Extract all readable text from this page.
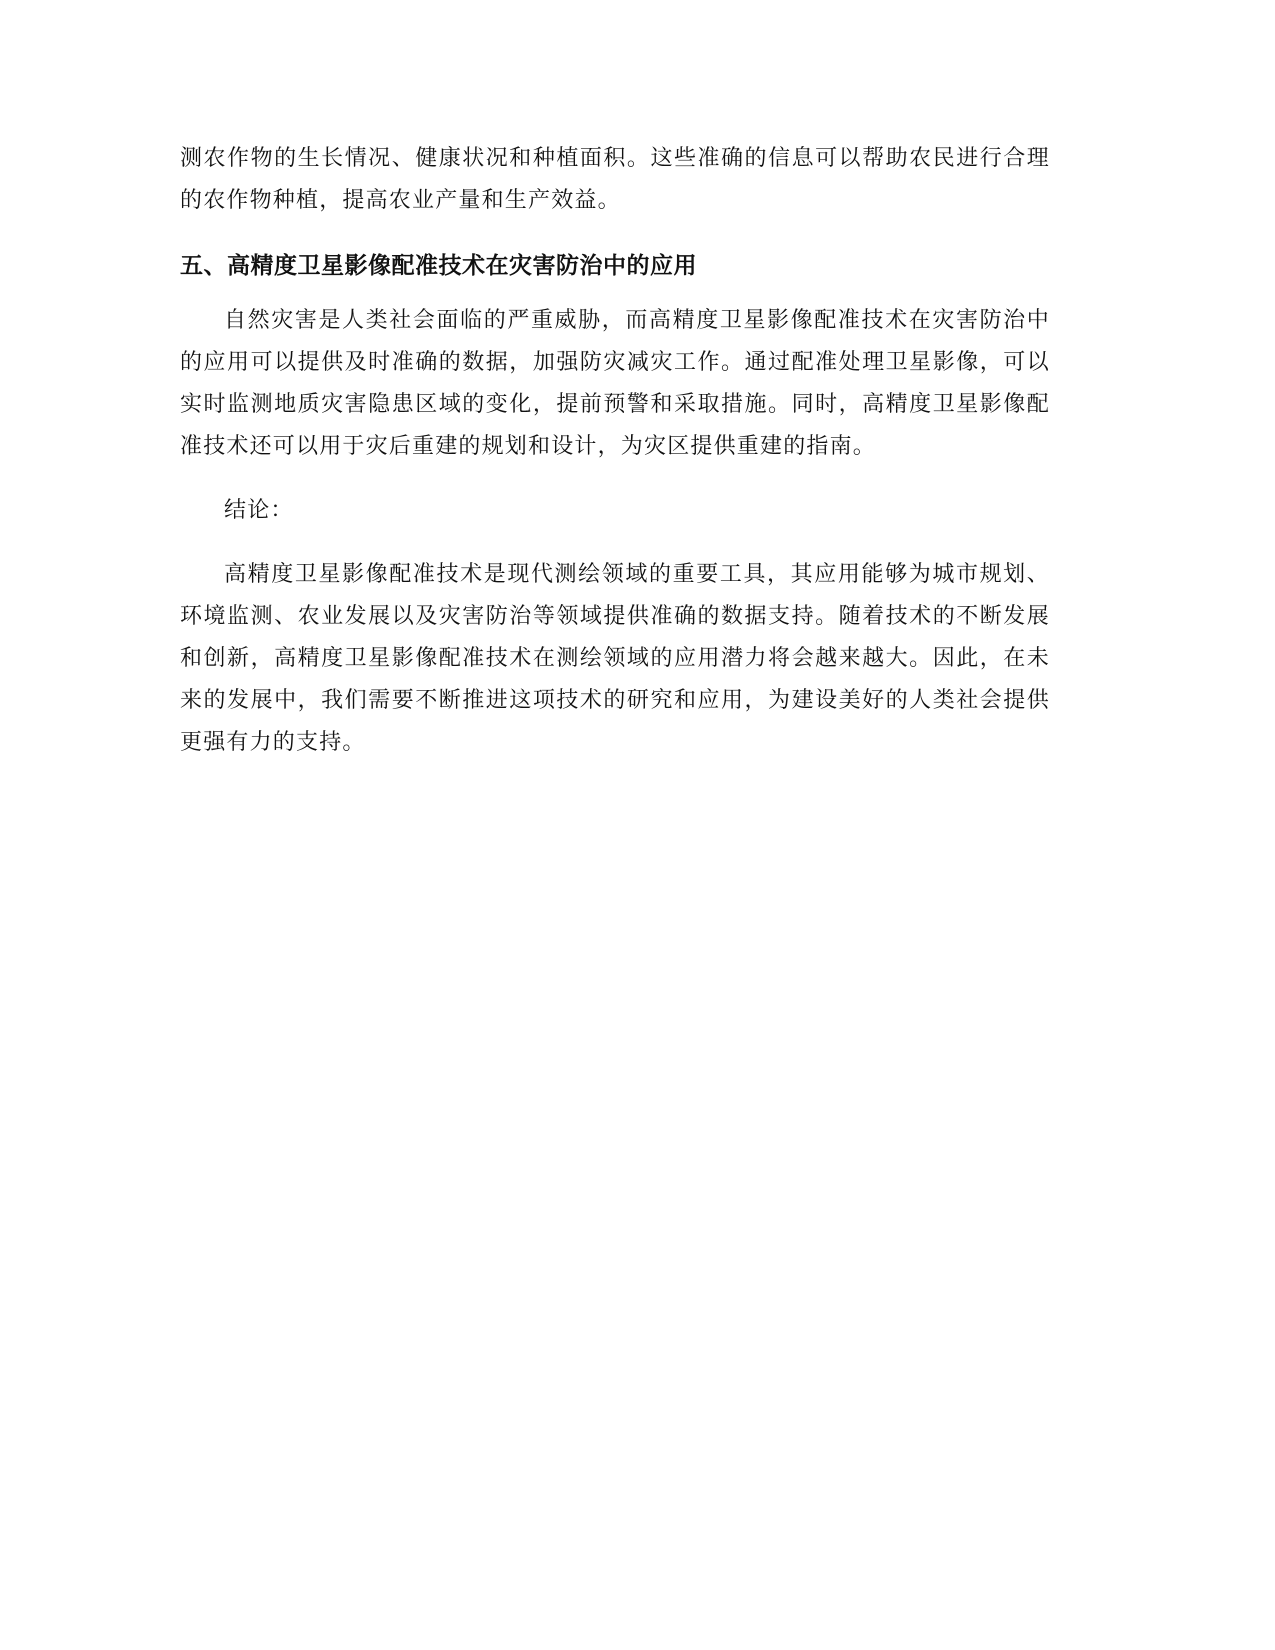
测农作物的生长情况、健康状况和种植面积。这些准确的信息可以帮助农民进行合理的农作物种植，提高农业产量和生产效益。

五、高精度卫星影像配准技术在灾害防治中的应用

自然灾害是人类社会面临的严重威胁，而高精度卫星影像配准技术在灾害防治中的应用可以提供及时准确的数据，加强防灾减灾工作。通过配准处理卫星影像，可以实时监测地质灾害隐患区域的变化，提前预警和采取措施。同时，高精度卫星影像配准技术还可以用于灾后重建的规划和设计，为灾区提供重建的指南。

结论：

高精度卫星影像配准技术是现代测绘领域的重要工具，其应用能够为城市规划、环境监测、农业发展以及灾害防治等领域提供准确的数据支持。随着技术的不断发展和创新，高精度卫星影像配准技术在测绘领域的应用潜力将会越来越大。因此，在未来的发展中，我们需要不断推进这项技术的研究和应用，为建设美好的人类社会提供更强有力的支持。
